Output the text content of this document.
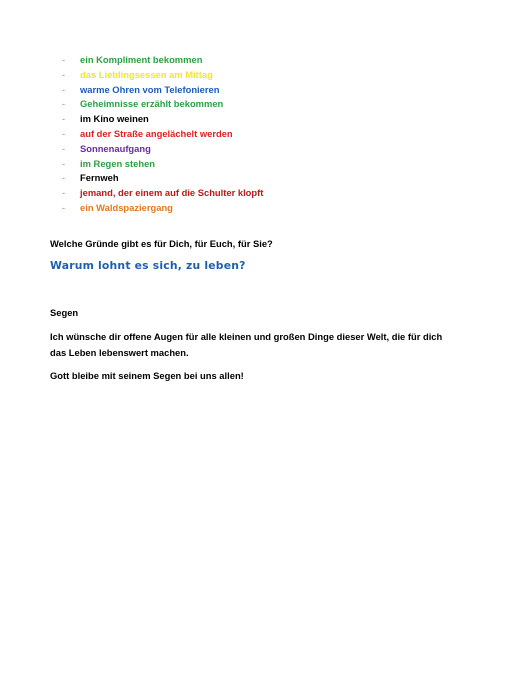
- ein Kompliment bekommen
- das Lieblingsessen am Mittag
- warme Ohren vom Telefonieren
- Geheimnisse erzählt bekommen
- im Kino weinen
- auf der Straße angelächelt werden
- Sonnenaufgang
- im Regen stehen
- Fernweh
- jemand, der einem auf die Schulter klopft
- ein Waldspaziergang
Welche Gründe gibt es für Dich, für Euch, für Sie?
Warum lohnt es sich, zu leben?
Segen
Ich wünsche dir offene Augen für alle kleinen und großen Dinge dieser Welt, die für dich das Leben lebenswert machen.
Gott bleibe mit seinem Segen bei uns allen!
